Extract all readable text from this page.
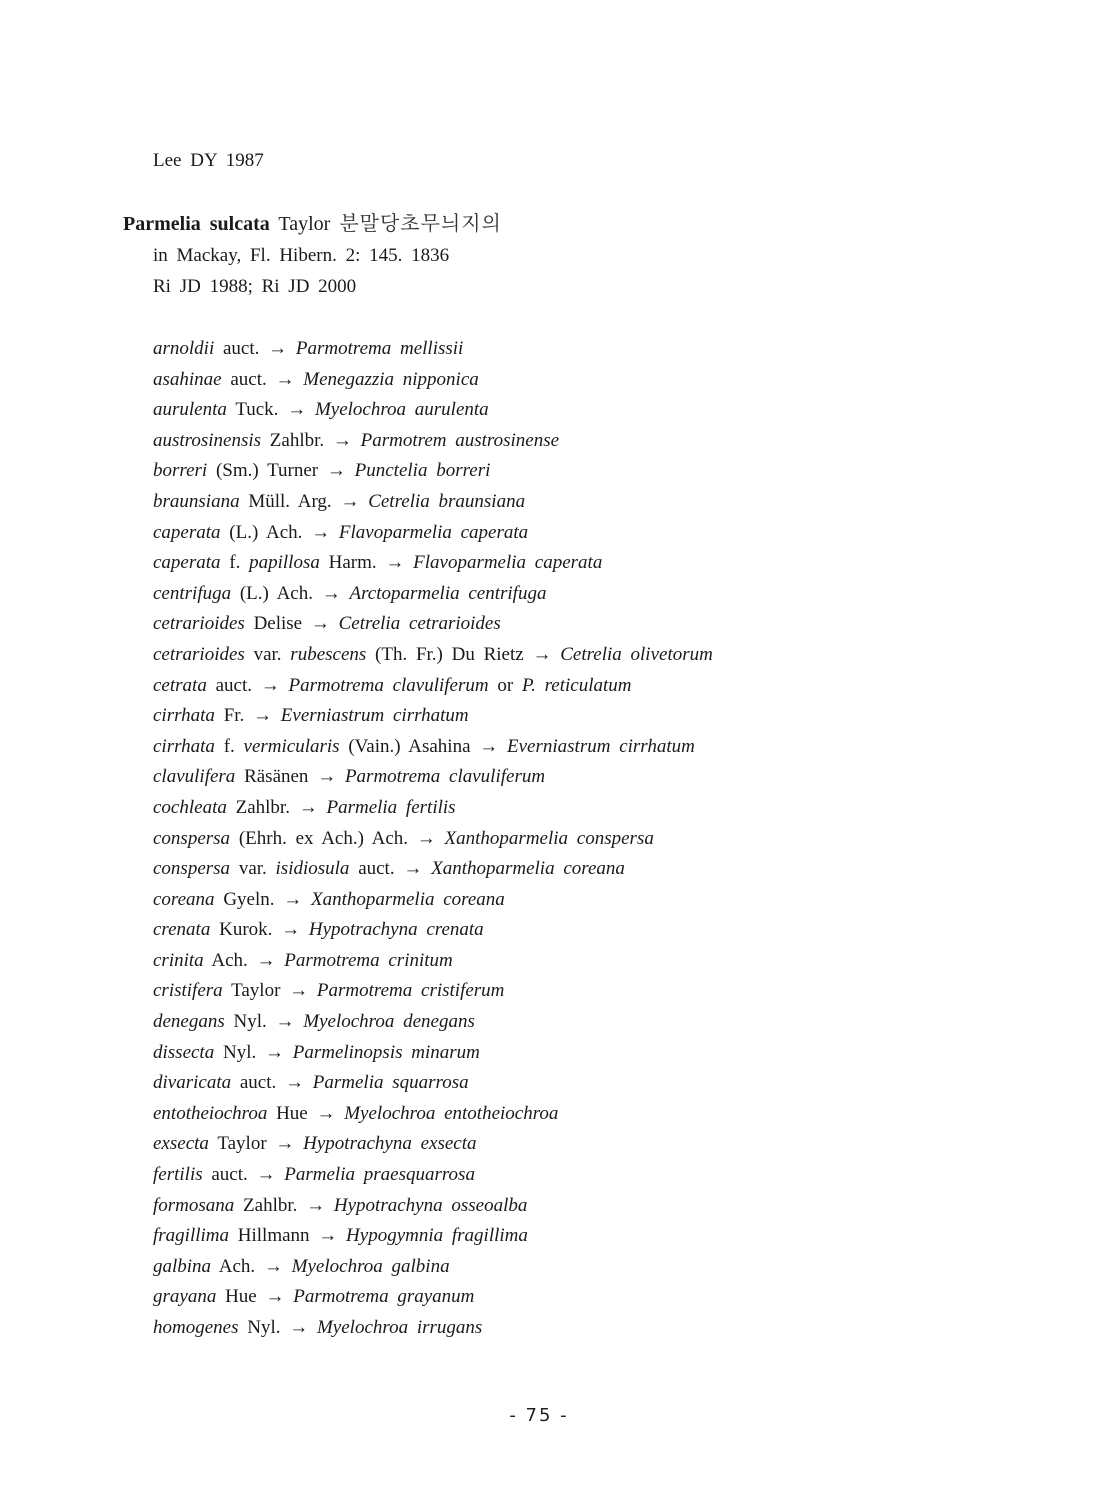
Lee DY 1987
Parmelia sulcata Taylor 분말당초무늬지의
in Mackay, Fl. Hibern. 2: 145. 1836
Ri JD 1988; Ri JD 2000
arnoldii auct. → Parmotrema mellissii
asahinae auct. → Menegazzia nipponica
aurulenta Tuck. → Myelochroa aurulenta
austrosinensis Zahlbr. → Parmotrem austrosinense
borreri (Sm.) Turner → Punctelia borreri
braunsiana Müll. Arg. → Cetrelia braunsiana
caperata (L.) Ach. → Flavoparmelia caperata
caperata f. papillosa Harm. → Flavoparmelia caperata
centrifuga (L.) Ach. → Arctoparmelia centrifuga
cetrarioides Delise → Cetrelia cetrarioides
cetrarioides var. rubescens (Th. Fr.) Du Rietz → Cetrelia olivetorum
cetrata auct. → Parmotrema clavuliferum or P. reticulatum
cirrhata Fr. → Everniastrum cirrhatum
cirrhata f. vermicularis (Vain.) Asahina → Everniastrum cirrhatum
clavulifera Räsänen → Parmotrema clavuliferum
cochleata Zahlbr. → Parmelia fertilis
conspersa (Ehrh. ex Ach.) Ach. → Xanthoparmelia conspersa
conspersa var. isidiosula auct. → Xanthoparmelia coreana
coreana Gyeln. → Xanthoparmelia coreana
crenata Kurok. → Hypotrachyna crenata
crinita Ach. → Parmotrema crinitum
cristifera Taylor → Parmotrema cristiferum
denegans Nyl. → Myelochroa denegans
dissecta Nyl. → Parmelinopsis minarum
divaricata auct. → Parmelia squarrosa
entotheiochroa Hue → Myelochroa entotheiochroa
exsecta Taylor → Hypotrachyna exsecta
fertilis auct. → Parmelia praesquarrosa
formosana Zahlbr. → Hypotrachyna osseoalba
fragillima Hillmann → Hypogymnia fragillima
galbina Ach. → Myelochroa galbina
grayana Hue → Parmotrema grayanum
homogenes Nyl. → Myelochroa irrugans
- 75 -
